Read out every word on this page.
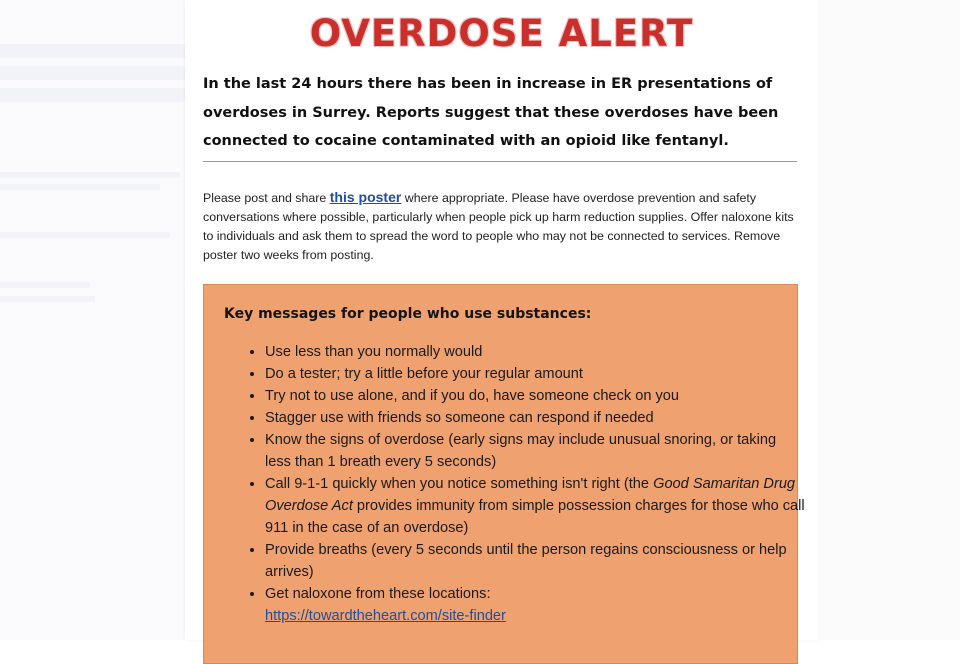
OVERDOSE ALERT
In the last 24 hours there has been in increase in ER presentations of overdoses in Surrey. Reports suggest that these overdoses have been connected to cocaine contaminated with an opioid like fentanyl.
Please post and share this poster where appropriate. Please have overdose prevention and safety conversations where possible, particularly when people pick up harm reduction supplies. Offer naloxone kits to individuals and ask them to spread the word to people who may not be connected to services. Remove poster two weeks from posting.
Key messages for people who use substances:
• Use less than you normally would
• Do a tester; try a little before your regular amount
• Try not to use alone, and if you do, have someone check on you
• Stagger use with friends so someone can respond if needed
• Know the signs of overdose (early signs may include unusual snoring, or taking less than 1 breath every 5 seconds)
• Call 9-1-1 quickly when you notice something isn't right (the Good Samaritan Drug Overdose Act provides immunity from simple possession charges for those who call 911 in the case of an overdose)
• Provide breaths (every 5 seconds until the person regains consciousness or help arrives)
• Get naloxone from these locations:
https://towardtheheart.com/site-finder
